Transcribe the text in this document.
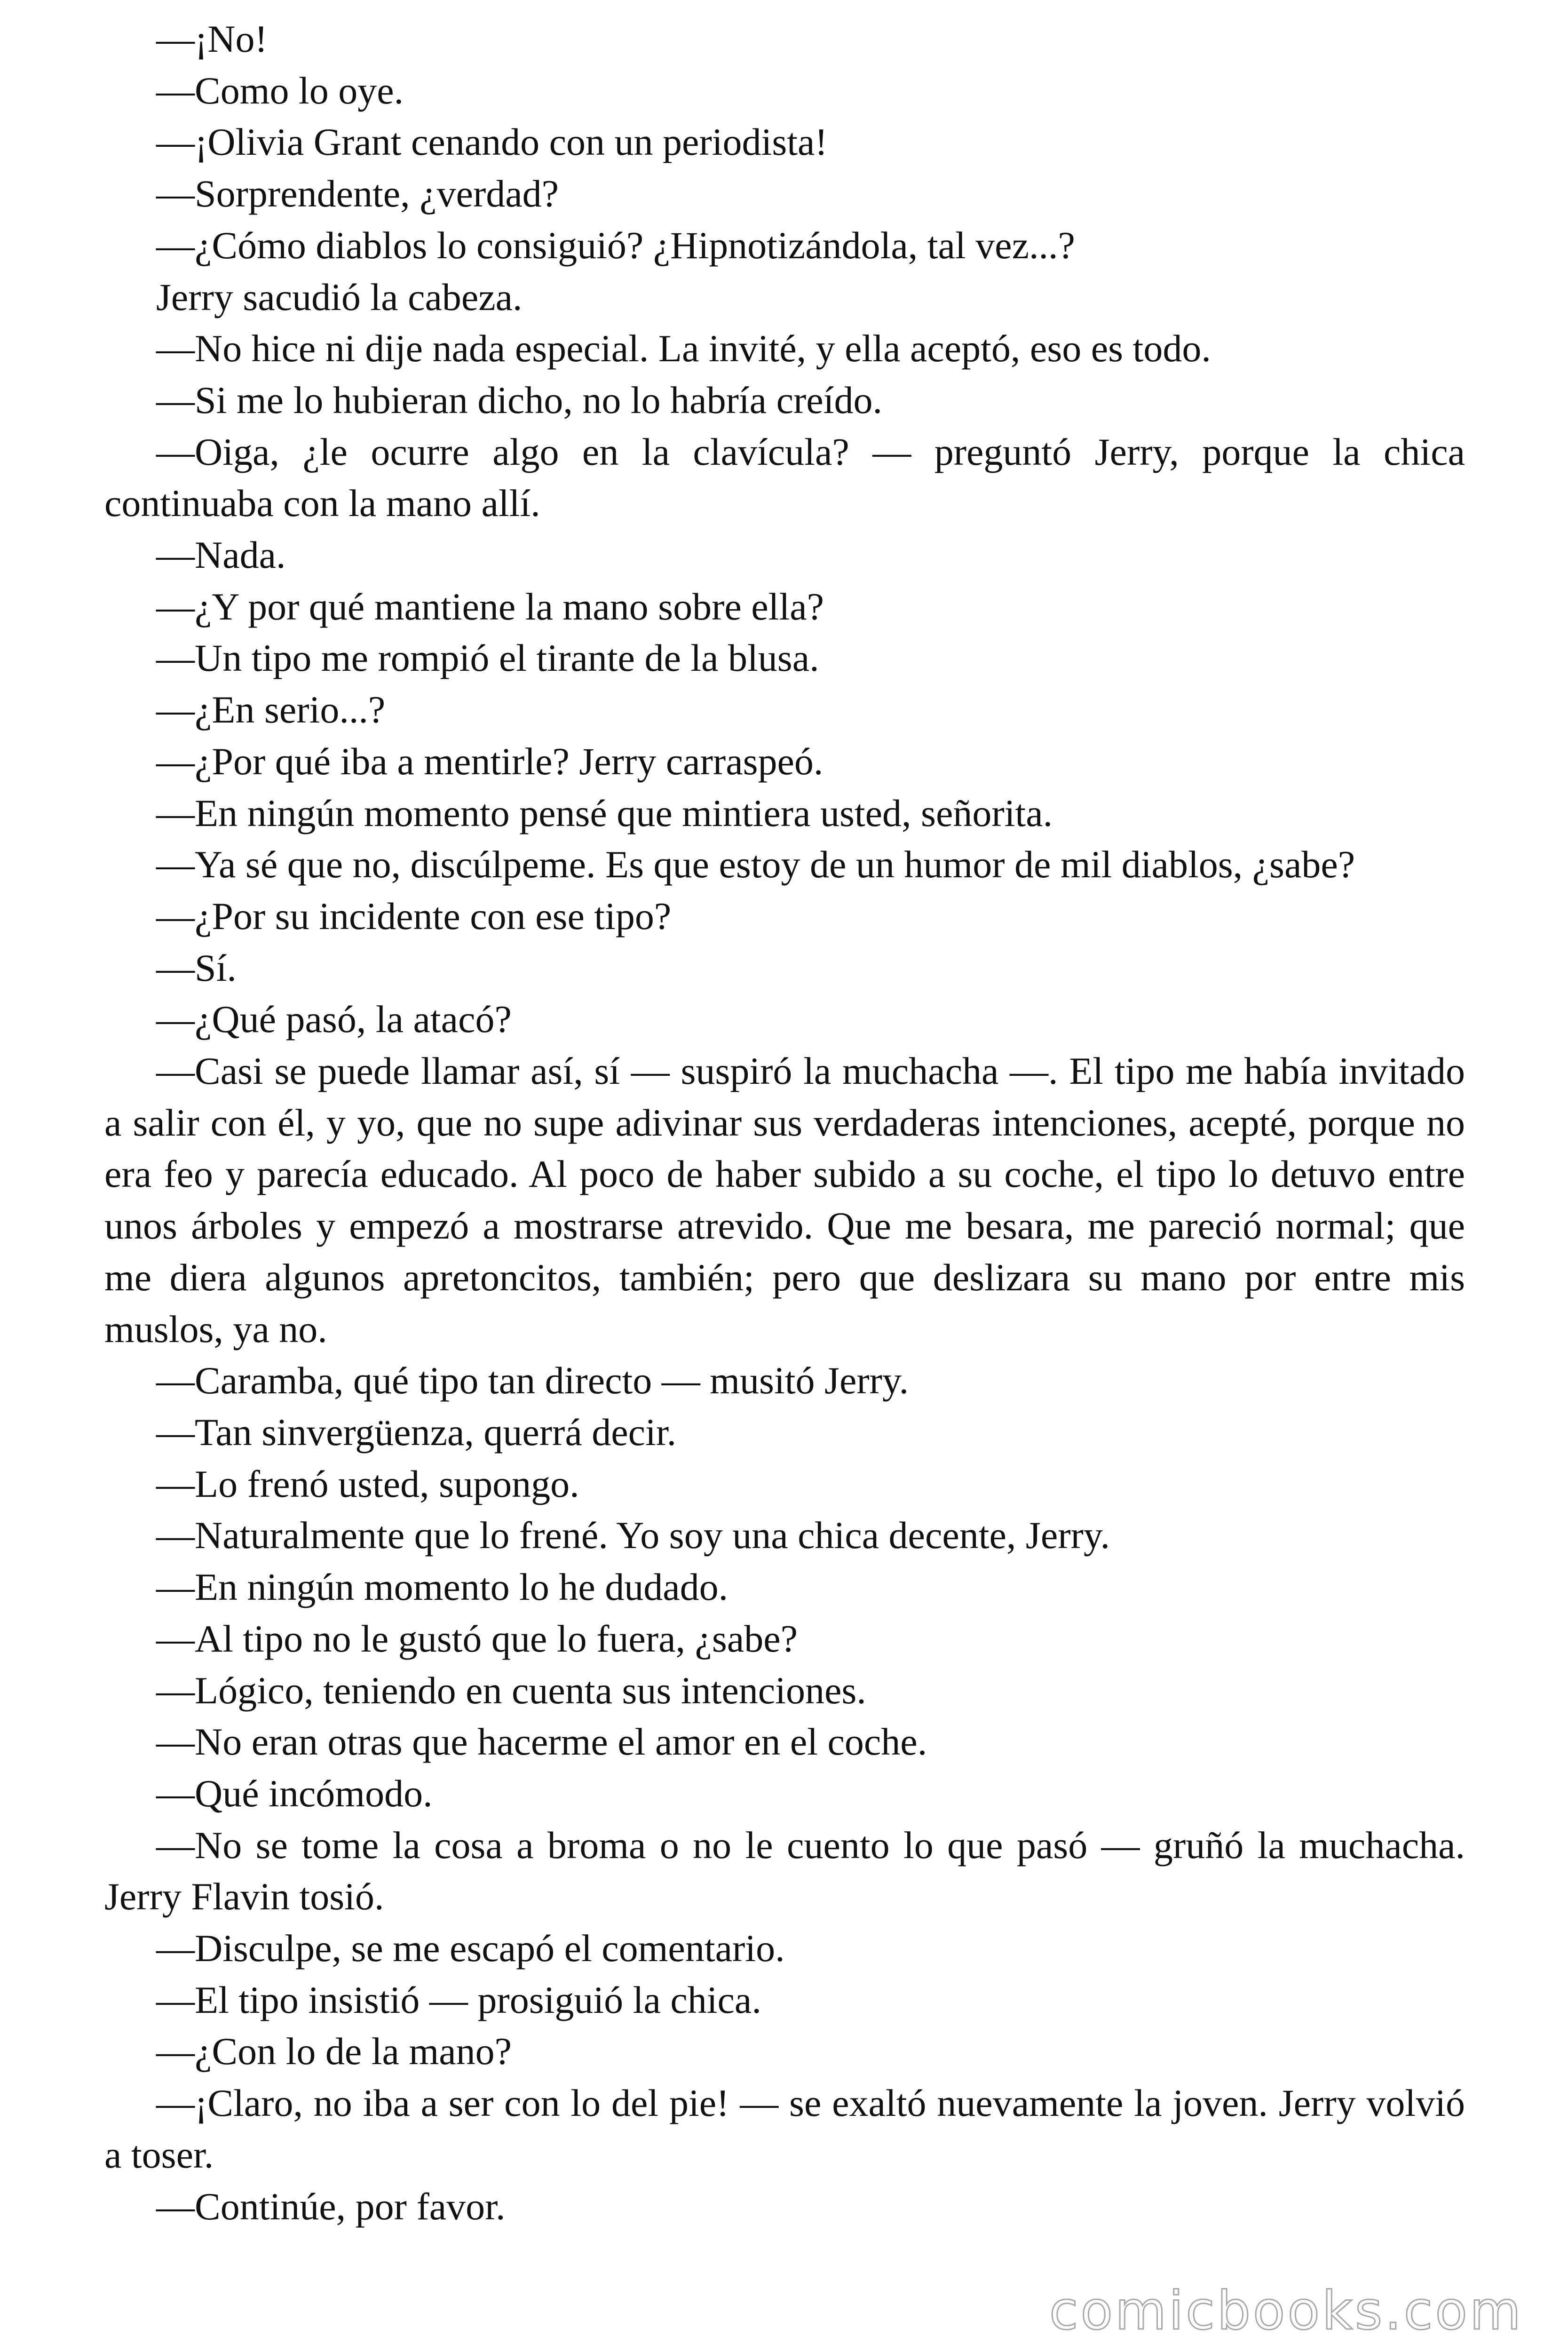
—¡No!

—Como lo oye.

—¡Olivia Grant cenando con un periodista!

—Sorprendente, ¿verdad?

—¿Cómo diablos lo consiguió? ¿Hipnotizándola, tal vez...?

Jerry sacudió la cabeza.

—No hice ni dije nada especial. La invité, y ella aceptó, eso es todo.

—Si me lo hubieran dicho, no lo habría creído.

—Oiga, ¿le ocurre algo en la clavícula? — preguntó Jerry, porque la chica continuaba con la mano allí.

—Nada.

—¿Y por qué mantiene la mano sobre ella?

—Un tipo me rompió el tirante de la blusa.

—¿En serio...?

—¿Por qué iba a mentirle? Jerry carraspeó.

—En ningún momento pensé que mintiera usted, señorita.

—Ya sé que no, discúlpeme. Es que estoy de un humor de mil diablos, ¿sabe?

—¿Por su incidente con ese tipo?

—Sí.

—¿Qué pasó, la atacó?

—Casi se puede llamar así, sí — suspiró la muchacha —. El tipo me había invitado a salir con él, y yo, que no supe adivinar sus verdaderas intenciones, acepté, porque no era feo y parecía educado. Al poco de haber subido a su coche, el tipo lo detuvo entre unos árboles y empezó a mostrarse atrevido. Que me besara, me pareció normal; que me diera algunos apretoncitos, también; pero que deslizara su mano por entre mis muslos, ya no.

—Caramba, qué tipo tan directo — musitó Jerry.

—Tan sinvergüenza, querrá decir.

—Lo frenó usted, supongo.

—Naturalmente que lo frené. Yo soy una chica decente, Jerry.

—En ningún momento lo he dudado.

—Al tipo no le gustó que lo fuera, ¿sabe?

—Lógico, teniendo en cuenta sus intenciones.

—No eran otras que hacerme el amor en el coche.

—Qué incómodo.

—No se tome la cosa a broma o no le cuento lo que pasó — gruñó la muchacha. Jerry Flavin tosió.

—Disculpe, se me escapó el comentario.

—El tipo insistió — prosiguió la chica.

—¿Con lo de la mano?

—¡Claro, no iba a ser con lo del pie! — se exaltó nuevamente la joven. Jerry volvió a toser.

—Continúe, por favor.

comicbooks.com
